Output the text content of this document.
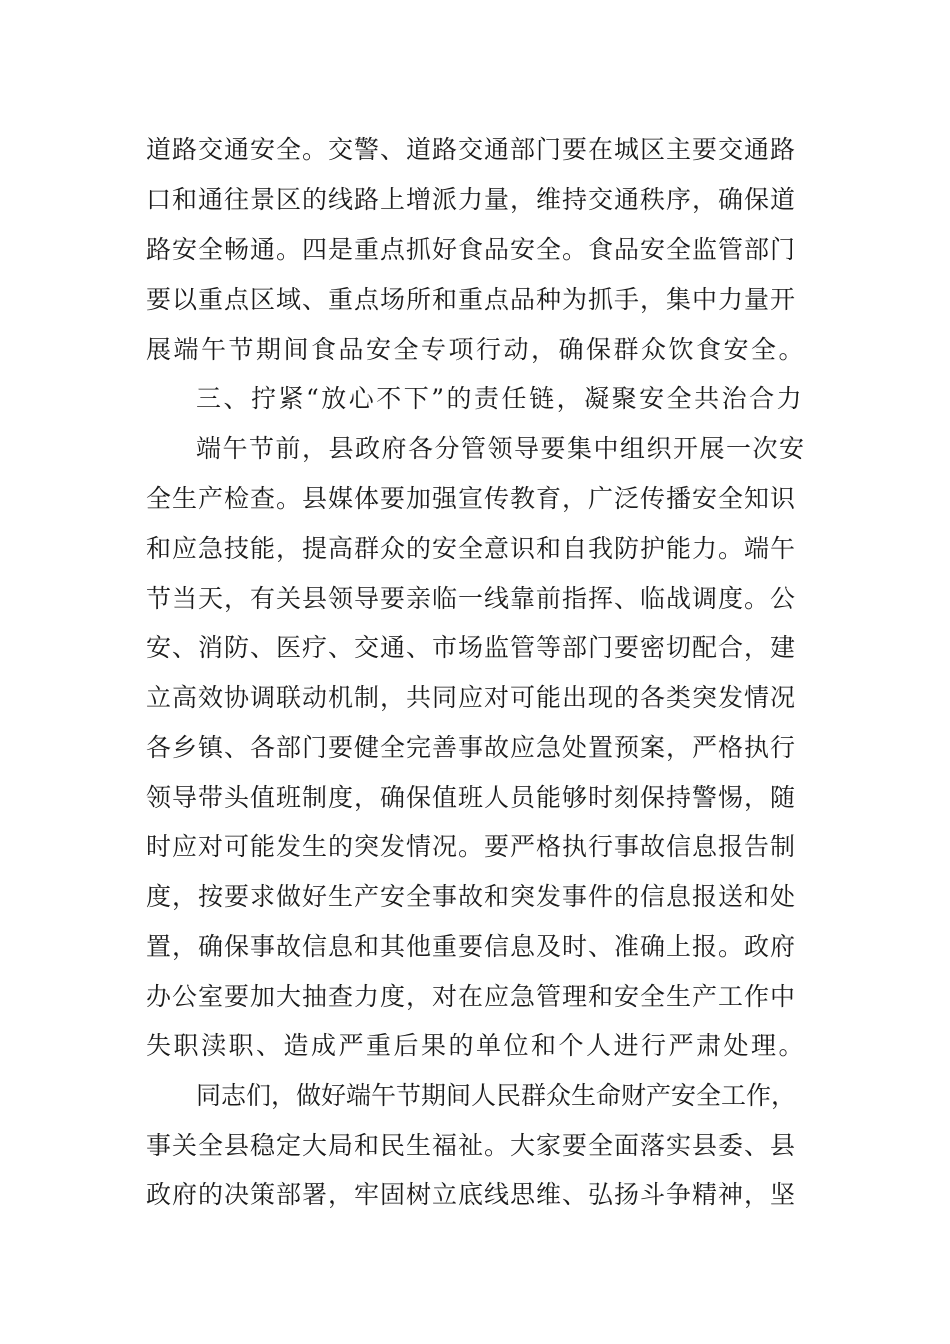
道路交通安全。交警、道路交通部门要在城区主要交通路
口和通往景区的线路上增派力量，维持交通秩序，确保道
路安全畅通。四是重点抓好食品安全。食品安全监管部门
要以重点区域、重点场所和重点品种为抓手，集中力量开
展端午节期间食品安全专项行动，确保群众饮食安全。
三、拧紧“放心不下”的责任链，凝聚安全共治合力
端午节前，县政府各分管领导要集中组织开展一次安
全生产检查。县媒体要加强宣传教育，广泛传播安全知识
和应急技能，提高群众的安全意识和自我防护能力。端午
节当天，有关县领导要亲临一线靠前指挥、临战调度。公
安、消防、医疗、交通、市场监管等部门要密切配合，建
立高效协调联动机制，共同应对可能出现的各类突发情况
各乡镇、各部门要健全完善事故应急处置预案，严格执行
领导带头值班制度，确保值班人员能够时刻保持警惕，随
时应对可能发生的突发情况。要严格执行事故信息报告制
度，按要求做好生产安全事故和突发事件的信息报送和处
置，确保事故信息和其他重要信息及时、准确上报。政府
办公室要加大抽查力度，对在应急管理和安全生产工作中
失职渎职、造成严重后果的单位和个人进行严肃处理。
同志们，做好端午节期间人民群众生命财产安全工作，
事关全县稳定大局和民生福祉。大家要全面落实县委、县
政府的决策部署，牢固树立底线思维、弘扬斗争精神，坚
